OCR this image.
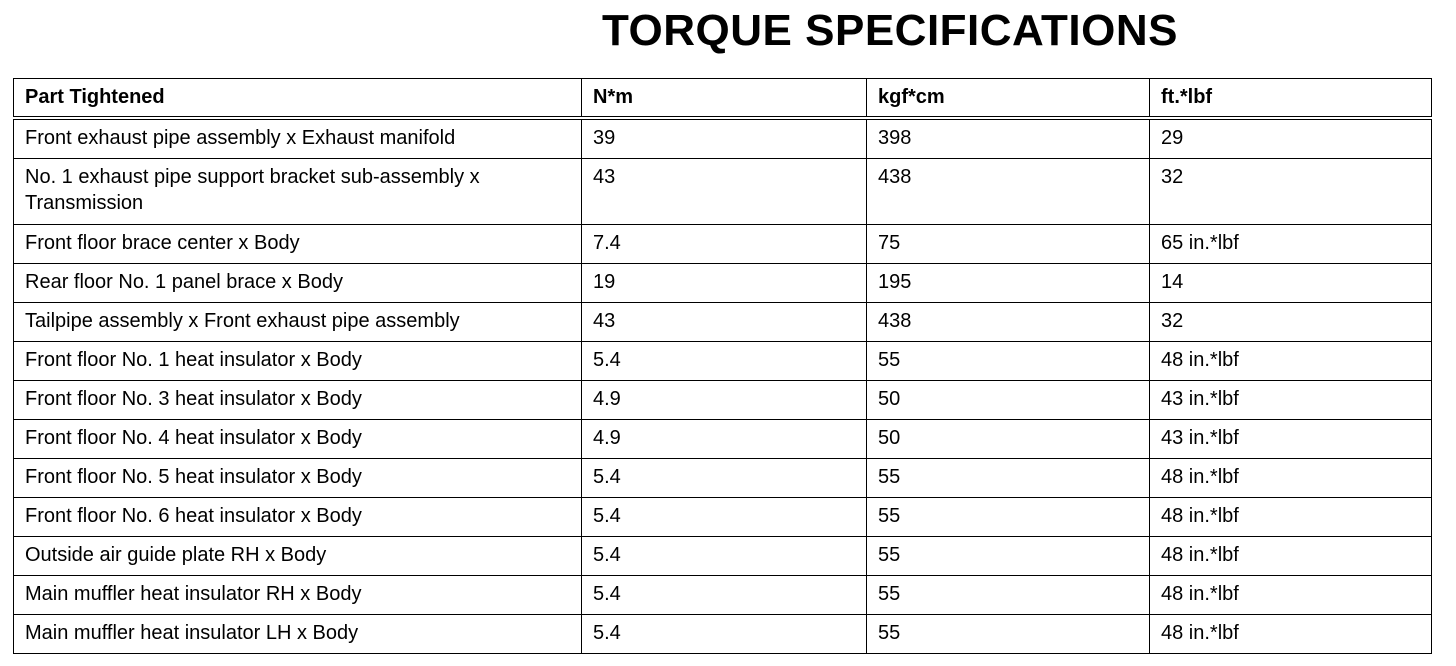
TORQUE SPECIFICATIONS
Part Tightened	N*m	kgf*cm	ft.*lbf
Front exhaust pipe assembly x Exhaust manifold	39	398	29
No. 1 exhaust pipe support bracket sub-assembly x Transmission	43	438	32
Front floor brace center x Body	7.4	75	65 in.*lbf
Rear floor No. 1 panel brace x Body	19	195	14
Tailpipe assembly x Front exhaust pipe assembly	43	438	32
Front floor No. 1 heat insulator x Body	5.4	55	48 in.*lbf
Front floor No. 3 heat insulator x Body	4.9	50	43 in.*lbf
Front floor No. 4 heat insulator x Body	4.9	50	43 in.*lbf
Front floor No. 5 heat insulator x Body	5.4	55	48 in.*lbf
Front floor No. 6 heat insulator x Body	5.4	55	48 in.*lbf
Outside air guide plate RH x Body	5.4	55	48 in.*lbf
Main muffler heat insulator RH x Body	5.4	55	48 in.*lbf
Main muffler heat insulator LH x Body	5.4	55	48 in.*lbf
